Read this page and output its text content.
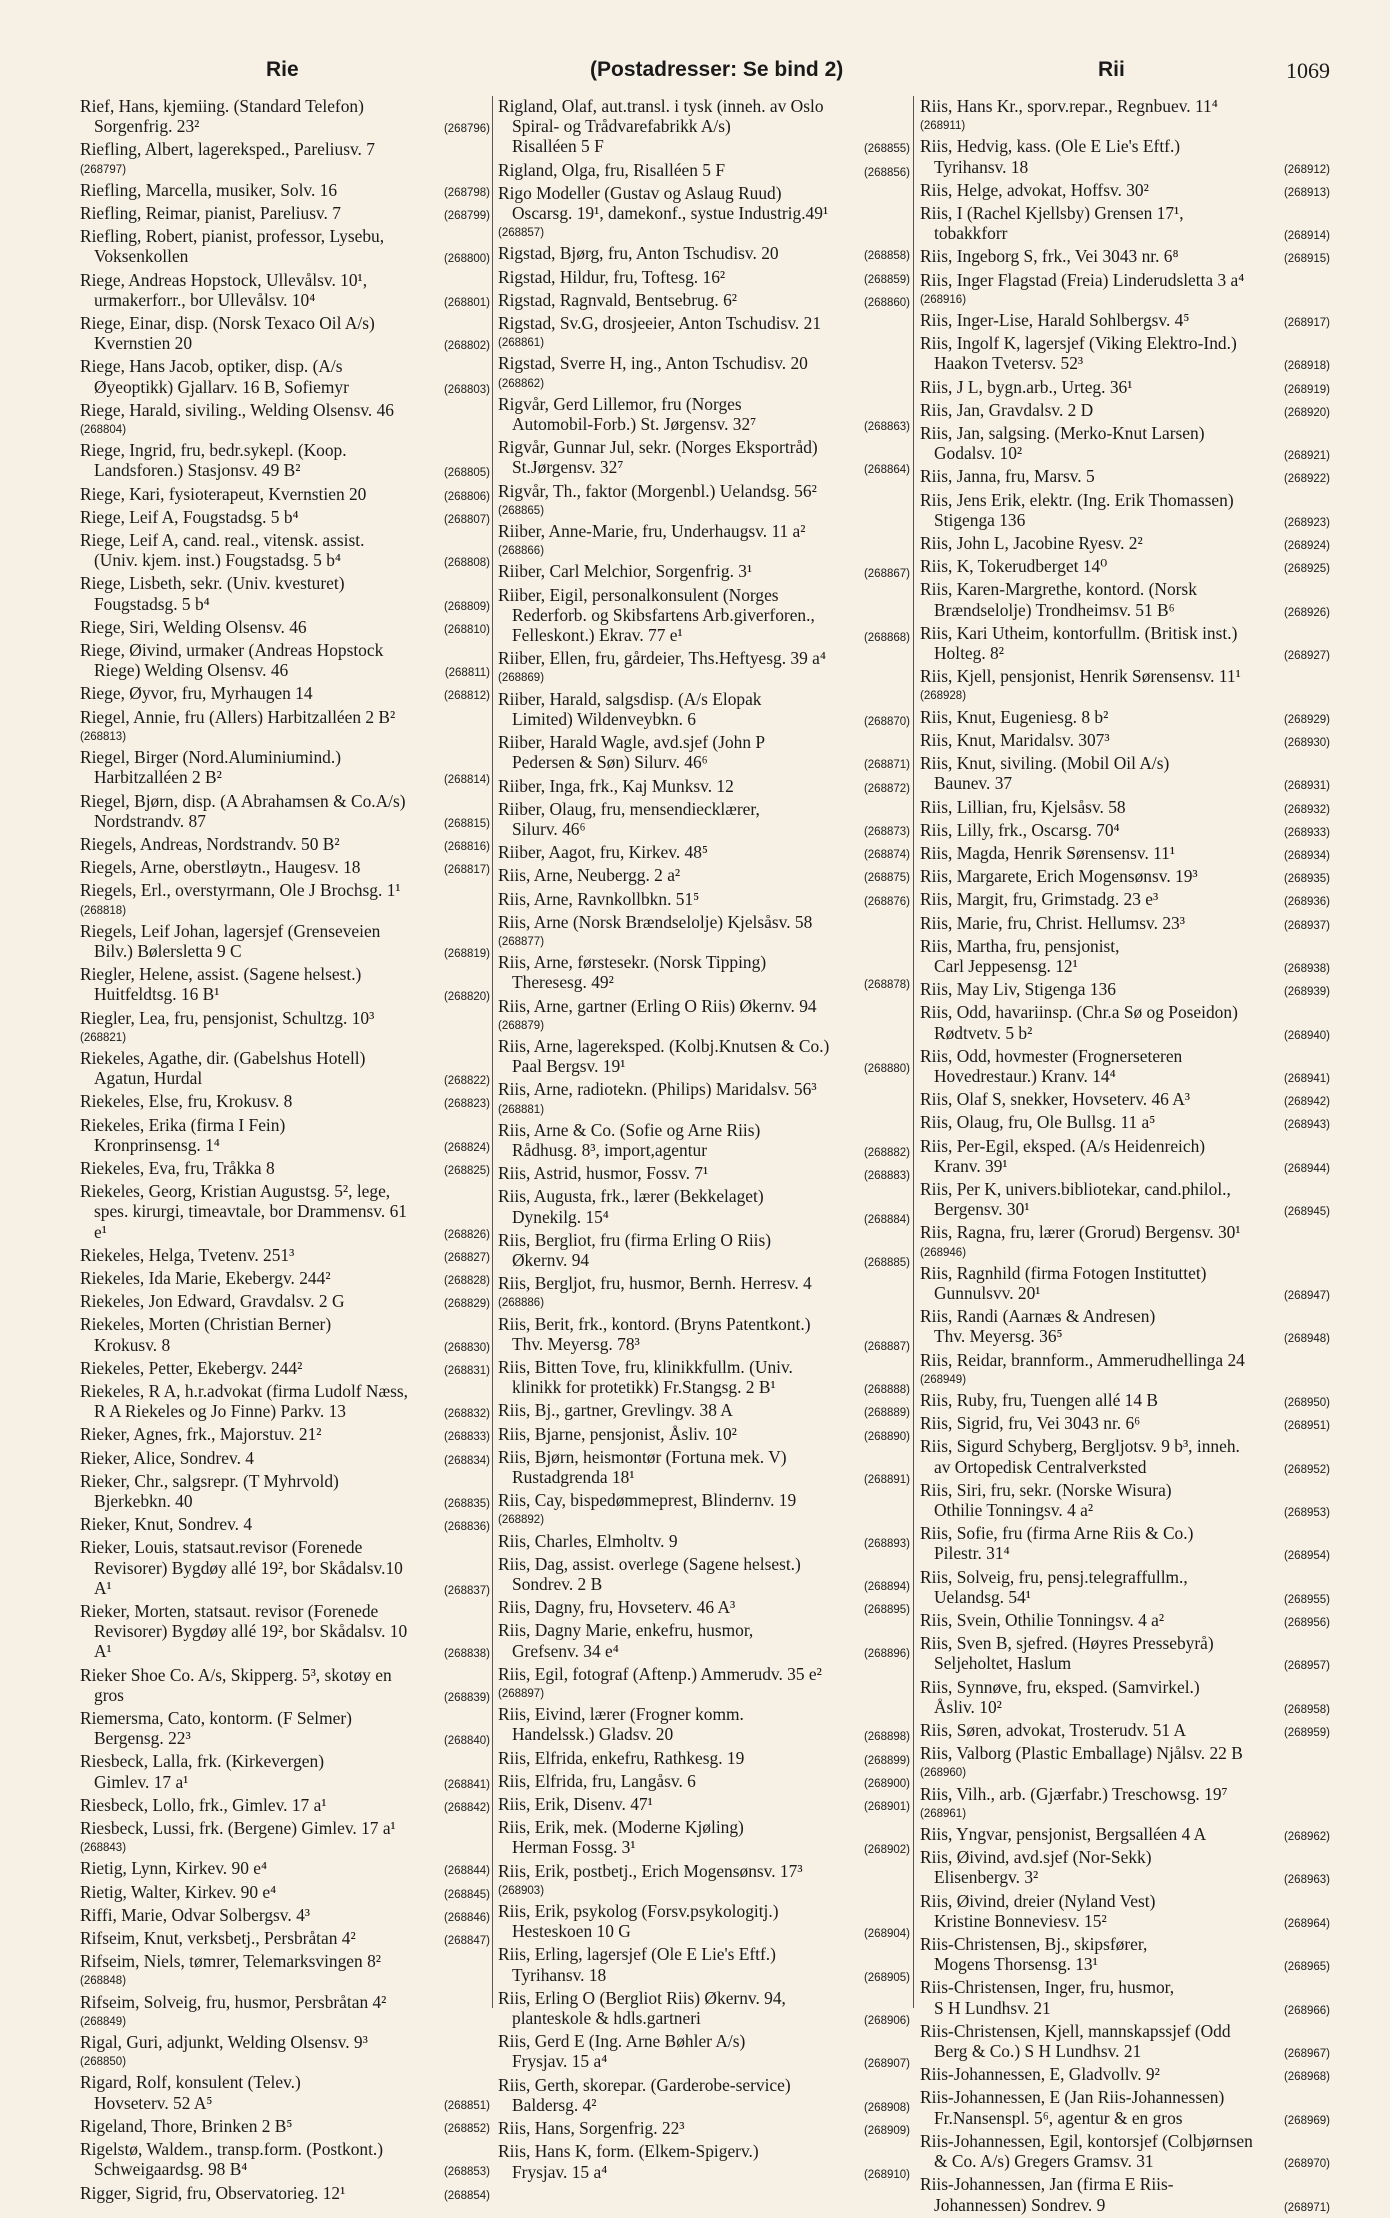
Rie	(Postadresser: Se bind 2)	Rii	1069
Rief, Hans, kjemiing. (Standard Telefon)
Sorgenfrig. 23²	(268796)
Riefling, Albert, lagereksped., Pareliusv. 7
(268797)
Riefling, Marcella, musiker, Solv. 16	(268798)
Riefling, Reimar, pianist, Pareliusv. 7	(268799)
Riefling, Robert, pianist, professor, Lysebu,
Voksenkollen	(268800)
Riege, Andreas Hopstock, Ullevålsv. 10¹,
urmakerforr., bor Ullevålsv. 10⁴	(268801)
Riege, Einar, disp. (Norsk Texaco Oil A/s)
Kvernstien 20	(268802)
Riege, Hans Jacob, optiker, disp. (A/s
Øyeoptikk) Gjallarv. 16 B, Sofiemyr	(268803)
Riege, Harald, siviling., Welding Olsensv. 46
(268804)
Riege, Ingrid, fru, bedr.sykepl. (Koop.
Landsforen.) Stasjonsv. 49 B²	(268805)
Riege, Kari, fysioterapeut, Kvernstien 20	(268806)
Riege, Leif A, Fougstadsg. 5 b⁴	(268807)
Riege, Leif A, cand. real., vitensk. assist.
(Univ. kjem. inst.) Fougstadsg. 5 b⁴	(268808)
Riege, Lisbeth, sekr. (Univ. kvesturet)
Fougstadsg. 5 b⁴	(268809)
Riege, Siri, Welding Olsensv. 46	(268810)
Riege, Øivind, urmaker (Andreas Hopstock
Riege) Welding Olsensv. 46	(268811)
Riege, Øyvor, fru, Myrhaugen 14	(268812)
Riegel, Annie, fru (Allers) Harbitzalléen 2 B²
(268813)
Riegel, Birger (Nord.Aluminiumind.)
Harbitzalléen 2 B²	(268814)
Riegel, Bjørn, disp. (A Abrahamsen & Co.A/s)
Nordstrandv. 87	(268815)
Riegels, Andreas, Nordstrandv. 50 B²	(268816)
Riegels, Arne, oberstløytn., Haugesv. 18	(268817)
Riegels, Erl., overstyrmann, Ole J Brochsg. 1¹
(268818)
Riegels, Leif Johan, lagersjef (Grenseveien
Bilv.) Bølersletta 9 C	(268819)
Riegler, Helene, assist. (Sagene helsest.)
Huitfeldtsg. 16 B¹	(268820)
Riegler, Lea, fru, pensjonist, Schultzg. 10³
(268821)
Riekeles, Agathe, dir. (Gabelshus Hotell)
Agatun, Hurdal	(268822)
Riekeles, Else, fru, Krokusv. 8	(268823)
Riekeles, Erika (firma I Fein)
Kronprinsensg. 1⁴	(268824)
Riekeles, Eva, fru, Tråkka 8	(268825)
Riekeles, Georg, Kristian Augustsg. 5², lege,
spes. kirurgi, timeavtale, bor Drammensv. 61
e¹	(268826)
Riekeles, Helga, Tvetenv. 251³	(268827)
Riekeles, Ida Marie, Ekebergv. 244²	(268828)
Riekeles, Jon Edward, Gravdalsv. 2 G	(268829)
Riekeles, Morten (Christian Berner)
Krokusv. 8	(268830)
Riekeles, Petter, Ekebergv. 244²	(268831)
Riekeles, R A, h.r.advokat (firma Ludolf Næss,
R A Riekeles og Jo Finne) Parkv. 13	(268832)
Rieker, Agnes, frk., Majorstuv. 21²	(268833)
Rieker, Alice, Sondrev. 4	(268834)
Rieker, Chr., salgsrepr. (T Myhrvold)
Bjerkebkn. 40	(268835)
Rieker, Knut, Sondrev. 4	(268836)
Rieker, Louis, statsaut.revisor (Forenede
Revisorer) Bygdøy allé 19², bor Skådalsv.10
A¹	(268837)
Rieker, Morten, statsaut. revisor (Forenede
Revisorer) Bygdøy allé 19², bor Skådalsv. 10
A¹	(268838)
Rieker Shoe Co. A/s, Skipperg. 5³, skotøy en
gros	(268839)
Riemersma, Cato, kontorm. (F Selmer)
Bergensg. 22³	(268840)
Riesbeck, Lalla, frk. (Kirkevergen)
Gimlev. 17 a¹	(268841)
Riesbeck, Lollo, frk., Gimlev. 17 a¹	(268842)
Riesbeck, Lussi, frk. (Bergene) Gimlev. 17 a¹
(268843)
Rietig, Lynn, Kirkev. 90 e⁴	(268844)
Rietig, Walter, Kirkev. 90 e⁴	(268845)
Riffi, Marie, Odvar Solbergsv. 4³	(268846)
Rifseim, Knut, verksbetj., Persbråtan 4²	(268847)
Rifseim, Niels, tømrer, Telemarksvingen 8²
(268848)
Rifseim, Solveig, fru, husmor, Persbråtan 4²
(268849)
Rigal, Guri, adjunkt, Welding Olsensv. 9³
(268850)
Rigard, Rolf, konsulent (Telev.)
Hovseterv. 52 A⁵	(268851)
Rigeland, Thore, Brinken 2 B⁵	(268852)
Rigelstø, Waldem., transp.form. (Postkont.)
Schweigaardsg. 98 B⁴	(268853)
Rigger, Sigrid, fru, Observatorieg. 12¹	(268854)
Rigland, Olaf, aut.transl. i tysk (inneh. av Oslo
Spiral- og Trådvarefabrikk A/s)
Risalléen 5 F	(268855)
Rigland, Olga, fru, Risalléen 5 F	(268856)
Rigo Modeller (Gustav og Aslaug Ruud)
Oscarsg. 19¹, damekonf., systue Industrig.49¹
(268857)
Rigstad, Bjørg, fru, Anton Tschudisv. 20	(268858)
Rigstad, Hildur, fru, Toftesg. 16²	(268859)
Rigstad, Ragnvald, Bentsebrug. 6²	(268860)
Rigstad, Sv.G, drosjeeier, Anton Tschudisv. 21
(268861)
Rigstad, Sverre H, ing., Anton Tschudisv. 20
(268862)
Rigvår, Gerd Lillemor, fru (Norges
Automobil-Forb.) St. Jørgensv. 32⁷	(268863)
Rigvår, Gunnar Jul, sekr. (Norges Eksportråd)
St.Jørgensv. 32⁷	(268864)
Rigvår, Th., faktor (Morgenbl.) Uelandsg. 56²
(268865)
Riiber, Anne-Marie, fru, Underhaugsv. 11 a²
(268866)
Riiber, Carl Melchior, Sorgenfrig. 3¹	(268867)
Riiber, Eigil, personalkonsulent (Norges
Rederforb. og Skibsfartens Arb.giverforen.,
Felleskont.) Ekrav. 77 e¹	(268868)
Riiber, Ellen, fru, gårdeier, Ths.Heftyesg. 39 a⁴
(268869)
Riiber, Harald, salgsdisp. (A/s Elopak
Limited) Wildenveybkn. 6	(268870)
Riiber, Harald Wagle, avd.sjef (John P
Pedersen & Søn) Silurv. 46⁶	(268871)
Riiber, Inga, frk., Kaj Munksv. 12	(268872)
Riiber, Olaug, fru, mensendiecklærer,
Silurv. 46⁶	(268873)
Riiber, Aagot, fru, Kirkev. 48⁵	(268874)
Riis, Arne, Neubergg. 2 a²	(268875)
Riis, Arne, Ravnkollbkn. 51⁵	(268876)
Riis, Arne (Norsk Brændselolje) Kjelsåsv. 58
(268877)
Riis, Arne, førstesekr. (Norsk Tipping)
Theresesg. 49²	(268878)
Riis, Arne, gartner (Erling O Riis) Økernv. 94
(268879)
Riis, Arne, lagereksped. (Kolbj.Knutsen & Co.)
Paal Bergsv. 19¹	(268880)
Riis, Arne, radiotekn. (Philips) Maridalsv. 56³
(268881)
Riis, Arne & Co. (Sofie og Arne Riis)
Rådhusg. 8³, import,agentur	(268882)
Riis, Astrid, husmor, Fossv. 7¹	(268883)
Riis, Augusta, frk., lærer (Bekkelaget)
Dynekilg. 15⁴	(268884)
Riis, Bergliot, fru (firma Erling O Riis)
Økernv. 94	(268885)
Riis, Bergljot, fru, husmor, Bernh. Herresv. 4
(268886)
Riis, Berit, frk., kontord. (Bryns Patentkont.)
Thv. Meyersg. 78³	(268887)
Riis, Bitten Tove, fru, klinikkfullm. (Univ.
klinikk for protetikk) Fr.Stangsg. 2 B¹	(268888)
Riis, Bj., gartner, Grevlingv. 38 A	(268889)
Riis, Bjarne, pensjonist, Åsliv. 10²	(268890)
Riis, Bjørn, heismontør (Fortuna mek. V)
Rustadgrenda 18¹	(268891)
Riis, Cay, bispedømmeprest, Blindernv. 19
(268892)
Riis, Charles, Elmholtv. 9	(268893)
Riis, Dag, assist. overlege (Sagene helsest.)
Sondrev. 2 B	(268894)
Riis, Dagny, fru, Hovseterv. 46 A³	(268895)
Riis, Dagny Marie, enkefru, husmor,
Grefsenv. 34 e⁴	(268896)
Riis, Egil, fotograf (Aftenp.) Ammerudv. 35 e²
(268897)
Riis, Eivind, lærer (Frogner komm.
Handelssk.) Gladsv. 20	(268898)
Riis, Elfrida, enkefru, Rathkesg. 19	(268899)
Riis, Elfrida, fru, Langåsv. 6	(268900)
Riis, Erik, Disenv. 47¹	(268901)
Riis, Erik, mek. (Moderne Kjøling)
Herman Fossg. 3¹	(268902)
Riis, Erik, postbetj., Erich Mogensønsv. 17³
(268903)
Riis, Erik, psykolog (Forsv.psykologitj.)
Hesteskoen 10 G	(268904)
Riis, Erling, lagersjef (Ole E Lie's Eftf.)
Tyrihansv. 18	(268905)
Riis, Erling O (Bergliot Riis) Økernv. 94,
planteskole & hdls.gartneri	(268906)
Riis, Gerd E (Ing. Arne Bøhler A/s)
Frysjav. 15 a⁴	(268907)
Riis, Gerth, skorepar. (Garderobe-service)
Baldersg. 4²	(268908)
Riis, Hans, Sorgenfrig. 22³	(268909)
Riis, Hans K, form. (Elkem-Spigerv.)
Frysjav. 15 a⁴	(268910)
Riis, Hans Kr., sporv.repar., Regnbuev. 11⁴
(268911)
Riis, Hedvig, kass. (Ole E Lie's Eftf.)
Tyrihansv. 18	(268912)
Riis, Helge, advokat, Hoffsv. 30²	(268913)
Riis, I (Rachel Kjellsby) Grensen 17¹,
tobakkforr	(268914)
Riis, Ingeborg S, frk., Vei 3043 nr. 6⁸	(268915)
Riis, Inger Flagstad (Freia) Linderudsletta 3 a⁴
(268916)
Riis, Inger-Lise, Harald Sohlbergsv. 4⁵	(268917)
Riis, Ingolf K, lagersjef (Viking Elektro-Ind.)
Haakon Tvetersv. 52³	(268918)
Riis, J L, bygn.arb., Urteg. 36¹	(268919)
Riis, Jan, Gravdalsv. 2 D	(268920)
Riis, Jan, salgsing. (Merko-Knut Larsen)
Godalsv. 10²	(268921)
Riis, Janna, fru, Marsv. 5	(268922)
Riis, Jens Erik, elektr. (Ing. Erik Thomassen)
Stigenga 136	(268923)
Riis, John L, Jacobine Ryesv. 2²	(268924)
Riis, K, Tokerudberget 14⁰	(268925)
Riis, Karen-Margrethe, kontord. (Norsk
Brændselolje) Trondheimsv. 51 B⁶	(268926)
Riis, Kari Utheim, kontorfullm. (Britisk inst.)
Holteg. 8²	(268927)
Riis, Kjell, pensjonist, Henrik Sørensensv. 11¹
(268928)
Riis, Knut, Eugeniesg. 8 b²	(268929)
Riis, Knut, Maridalsv. 307³	(268930)
Riis, Knut, siviling. (Mobil Oil A/s)
Baunev. 37	(268931)
Riis, Lillian, fru, Kjelsåsv. 58	(268932)
Riis, Lilly, frk., Oscarsg. 70⁴	(268933)
Riis, Magda, Henrik Sørensensv. 11¹	(268934)
Riis, Margarete, Erich Mogensønsv. 19³	(268935)
Riis, Margit, fru, Grimstadg. 23 e³	(268936)
Riis, Marie, fru, Christ. Hellumsv. 23³	(268937)
Riis, Martha, fru, pensjonist,
Carl Jeppesensg. 12¹	(268938)
Riis, May Liv, Stigenga 136	(268939)
Riis, Odd, havariinsp. (Chr.a Sø og Poseidon)
Rødtvetv. 5 b²	(268940)
Riis, Odd, hovmester (Frognerseteren
Hovedrestaur.) Kranv. 14⁴	(268941)
Riis, Olaf S, snekker, Hovseterv. 46 A³	(268942)
Riis, Olaug, fru, Ole Bullsg. 11 a⁵	(268943)
Riis, Per-Egil, eksped. (A/s Heidenreich)
Kranv. 39¹	(268944)
Riis, Per K, univers.bibliotekar, cand.philol.,
Bergensv. 30¹	(268945)
Riis, Ragna, fru, lærer (Grorud) Bergensv. 30¹
(268946)
Riis, Ragnhild (firma Fotogen Instituttet)
Gunnulsvv. 20¹	(268947)
Riis, Randi (Aarnæs & Andresen)
Thv. Meyersg. 36⁵	(268948)
Riis, Reidar, brannform., Ammerudhellinga 24
(268949)
Riis, Ruby, fru, Tuengen allé 14 B	(268950)
Riis, Sigrid, fru, Vei 3043 nr. 6⁶	(268951)
Riis, Sigurd Schyberg, Bergljotsv. 9 b³, inneh.
av Ortopedisk Centralverksted	(268952)
Riis, Siri, fru, sekr. (Norske Wisura)
Othilie Tonningsv. 4 a²	(268953)
Riis, Sofie, fru (firma Arne Riis & Co.)
Pilestr. 31⁴	(268954)
Riis, Solveig, fru, pensj.telegraffullm.,
Uelandsg. 54¹	(268955)
Riis, Svein, Othilie Tonningsv. 4 a²	(268956)
Riis, Sven B, sjefred. (Høyres Pressebyrå)
Seljeholtet, Haslum	(268957)
Riis, Synnøve, fru, eksped. (Samvirkel.)
Åsliv. 10²	(268958)
Riis, Søren, advokat, Trosterudv. 51 A	(268959)
Riis, Valborg (Plastic Emballage) Njålsv. 22 B
(268960)
Riis, Vilh., arb. (Gjærfabr.) Treschowsg. 19⁷
(268961)
Riis, Yngvar, pensjonist, Bergsalléen 4 A	(268962)
Riis, Øivind, avd.sjef (Nor-Sekk)
Elisenbergv. 3²	(268963)
Riis, Øivind, dreier (Nyland Vest)
Kristine Bonneviesv. 15²	(268964)
Riis-Christensen, Bj., skipsfører,
Mogens Thorsensg. 13¹	(268965)
Riis-Christensen, Inger, fru, husmor,
S H Lundhsv. 21	(268966)
Riis-Christensen, Kjell, mannskapssjef (Odd
Berg & Co.) S H Lundhsv. 21	(268967)
Riis-Johannessen, E, Gladvollv. 9²	(268968)
Riis-Johannessen, E (Jan Riis-Johannessen)
Fr.Nansenspl. 5⁶, agentur & en gros	(268969)
Riis-Johannessen, Egil, kontorsjef (Colbjørnsen
& Co. A/s) Gregers Gramsv. 31	(268970)
Riis-Johannessen, Jan (firma E Riis-
Johannessen) Sondrev. 9	(268971)
